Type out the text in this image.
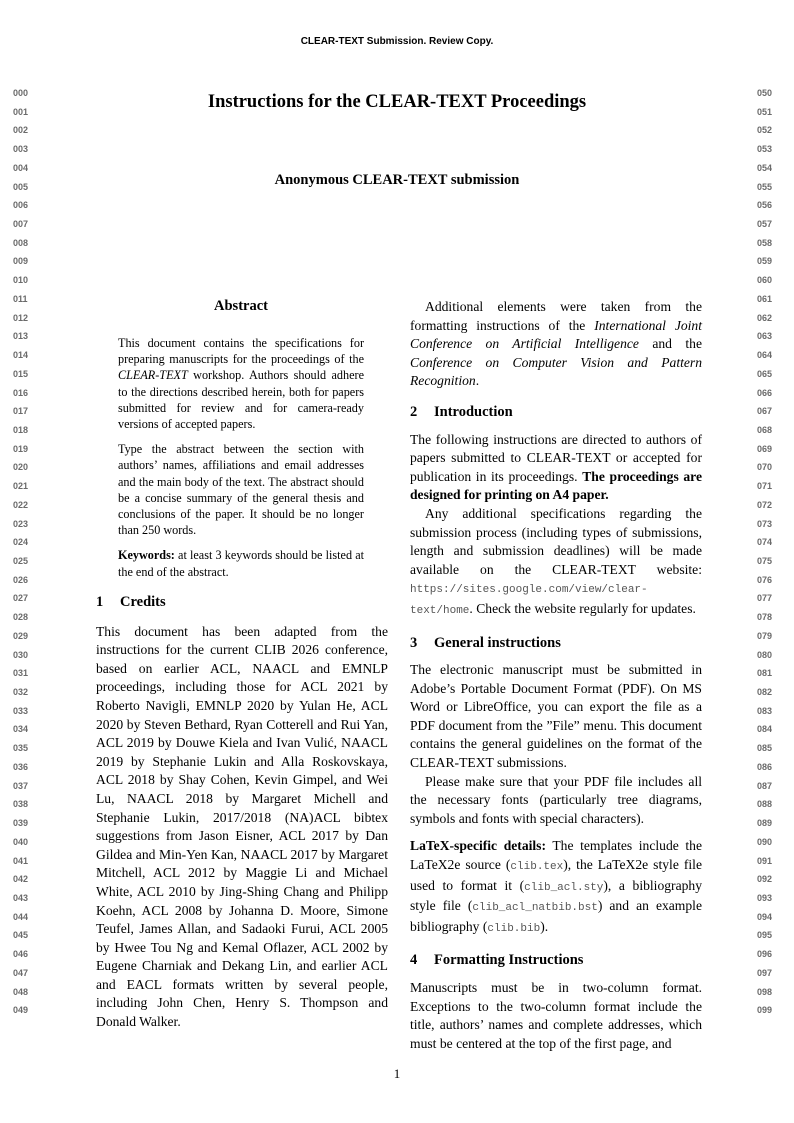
CLEAR-TEXT Submission. Review Copy.
000
001
002
003
004
005
006
007
008
009
010
011
012
013
014
015
016
017
018
019
020
021
022
023
024
025
026
027
028
029
030
031
032
033
034
035
036
037
038
039
040
041
042
043
044
045
046
047
048
049
050
051
052
053
054
055
056
057
058
059
060
061
062
063
064
065
066
067
068
069
070
071
072
073
074
075
076
077
078
079
080
081
082
083
084
085
086
087
088
089
090
091
092
093
094
095
096
097
098
099
Instructions for the CLEAR-TEXT Proceedings
Anonymous CLEAR-TEXT submission
Abstract

This document contains the specifications for preparing manuscripts for the proceedings of the CLEAR-TEXT workshop. Authors should adhere to the directions described herein, both for papers submitted for review and for camera-ready versions of accepted papers.

Type the abstract between the section with authors’ names, affiliations and email addresses and the main body of the text. The abstract should be a concise summary of the general thesis and conclusions of the paper. It should be no longer than 250 words.

Keywords: at least 3 keywords should be listed at the end of the abstract.

1 Credits

This document has been adapted from the instructions for the current CLIB 2026 conference, based on earlier ACL, NAACL and EMNLP proceedings, including those for ACL 2021 by Roberto Navigli, EMNLP 2020 by Yulan He, ACL 2020 by Steven Bethard, Ryan Cotterell and Rui Yan, ACL 2019 by Douwe Kiela and Ivan Vulić, NAACL 2019 by Stephanie Lukin and Alla Roskovskaya, ACL 2018 by Shay Cohen, Kevin Gimpel, and Wei Lu, NAACL 2018 by Margaret Michell and Stephanie Lukin, 2017/2018 (NA)ACL bibtex suggestions from Jason Eisner, ACL 2017 by Dan Gildea and Min-Yen Kan, NAACL 2017 by Margaret Mitchell, ACL 2012 by Maggie Li and Michael White, ACL 2010 by Jing-Shing Chang and Philipp Koehn, ACL 2008 by Johanna D. Moore, Simone Teufel, James Allan, and Sadaoki Furui, ACL 2005 by Hwee Tou Ng and Kemal Oflazer, ACL 2002 by Eugene Charniak and Dekang Lin, and earlier ACL and EACL formats written by several people, including John Chen, Henry S. Thompson and Donald Walker.

Additional elements were taken from the formatting instructions of the International Joint Conference on Artificial Intelligence and the Conference on Computer Vision and Pattern Recognition.

2 Introduction

The following instructions are directed to authors of papers submitted to CLEAR-TEXT or accepted for publication in its proceedings. The proceedings are designed for printing on A4 paper.

Any additional specifications regarding the submission process (including types of submissions, length and submission deadlines) will be made available on the CLEAR-TEXT website: https://sites.google.com/view/clear-text/home. Check the website regularly for updates.

3 General instructions

The electronic manuscript must be submitted in Adobe’s Portable Document Format (PDF). On MS Word or LibreOffice, you can export the file as a PDF document from the ”File” menu. This document contains the general guidelines on the format of the CLEAR-TEXT submissions.

Please make sure that your PDF file includes all the necessary fonts (particularly tree diagrams, symbols and fonts with special characters).

LaTeX-specific details: The templates include the LaTeX2e source (clib.tex), the LaTeX2e style file used to format it (clib_acl.sty), a bibliography style file (clib_acl_natbib.bst) and an example bibliography (clib.bib).

4 Formatting Instructions

Manuscripts must be in two-column format. Exceptions to the two-column format include the title, authors’ names and complete addresses, which must be centered at the top of the first page, and

1
